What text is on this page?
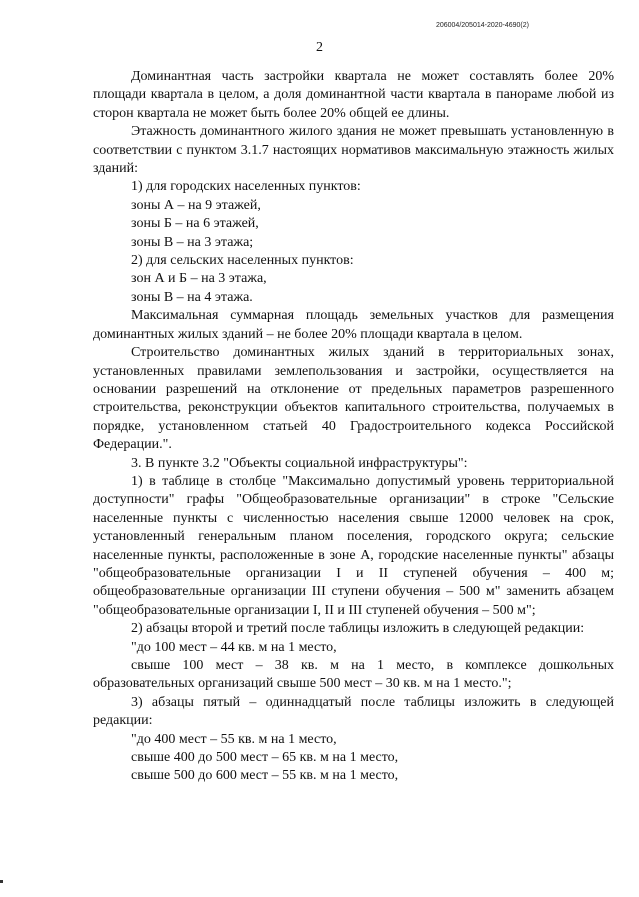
206004/205014-2020-4690(2)
2

Доминантная часть застройки квартала не может составлять более 20% площади квартала в целом, а доля доминантной части квартала в панораме любой из сторон квартала не может быть более 20% общей ее длины.

Этажность доминантного жилого здания не может превышать установленную в соответствии с пунктом 3.1.7 настоящих нормативов максимальную этажность жилых зданий:

1) для городских населенных пунктов:

зоны А – на 9 этажей,

зоны Б – на 6 этажей,

зоны В – на 3 этажа;

2) для сельских населенных пунктов:

зон А и Б – на 3 этажа,

зоны В – на 4 этажа.

Максимальная суммарная площадь земельных участков для размещения доминантных жилых зданий – не более 20% площади квартала в целом.

Строительство доминантных жилых зданий в территориальных зонах, установленных правилами землепользования и застройки, осуществляется на основании разрешений на отклонение от предельных параметров разрешенного строительства, реконструкции объектов капитального строительства, получаемых в порядке, установленном статьей 40 Градостроительного кодекса Российской Федерации.".

3. В пункте 3.2 "Объекты социальной инфраструктуры":

1) в таблице в столбце "Максимально допустимый уровень территориальной доступности" графы "Общеобразовательные организации" в строке "Сельские населенные пункты с численностью населения свыше 12000 человек на срок, установленный генеральным планом поселения, городского округа; сельские населенные пункты, расположенные в зоне А, городские населенные пункты" абзацы "общеобразовательные организации I и II ступеней обучения – 400 м; общеобразовательные организации III ступени обучения – 500 м" заменить абзацем "общеобразовательные организации I, II и III ступеней обучения – 500 м";

2) абзацы второй и третий после таблицы изложить в следующей редакции:

"до 100 мест – 44 кв. м на 1 место,

свыше 100 мест – 38 кв. м на 1 место, в комплексе дошкольных образовательных организаций свыше 500 мест – 30 кв. м на 1 место.";

3) абзацы пятый – одиннадцатый после таблицы изложить в следующей редакции:

"до 400 мест – 55 кв. м на 1 место,

свыше 400 до 500 мест – 65 кв. м на 1 место,

свыше 500 до 600 мест – 55 кв. м на 1 место,
